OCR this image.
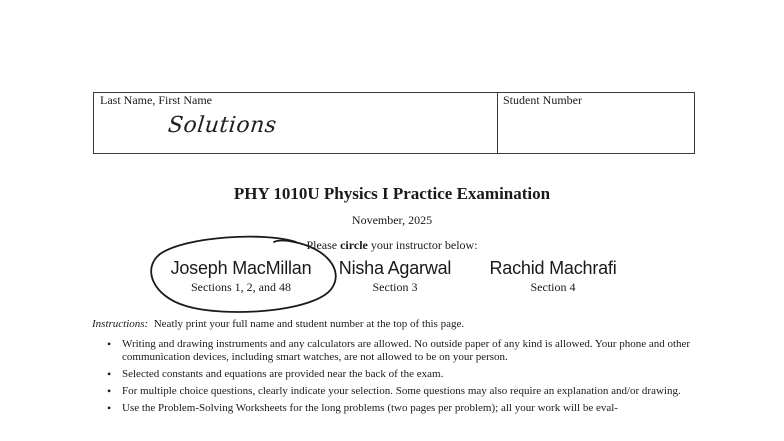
Last Name, First Name	Student Number
Solutions
PHY 1010U Physics I Practice Examination
November, 2025
Please circle your instructor below:
Joseph MacMillan
Sections 1, 2, and 48
Nisha Agarwal
Section 3
Rachid Machrafi
Section 4
Instructions: Neatly print your full name and student number at the top of this page.
• Writing and drawing instruments and any calculators are allowed. No outside paper of any kind is allowed. Your phone and other communication devices, including smart watches, are not allowed to be on your person.
• Selected constants and equations are provided near the back of the exam.
• For multiple choice questions, clearly indicate your selection. Some questions may also require an explanation and/or drawing.
• Use the Problem-Solving Worksheets for the long problems (two pages per problem); all your work will be eval-
